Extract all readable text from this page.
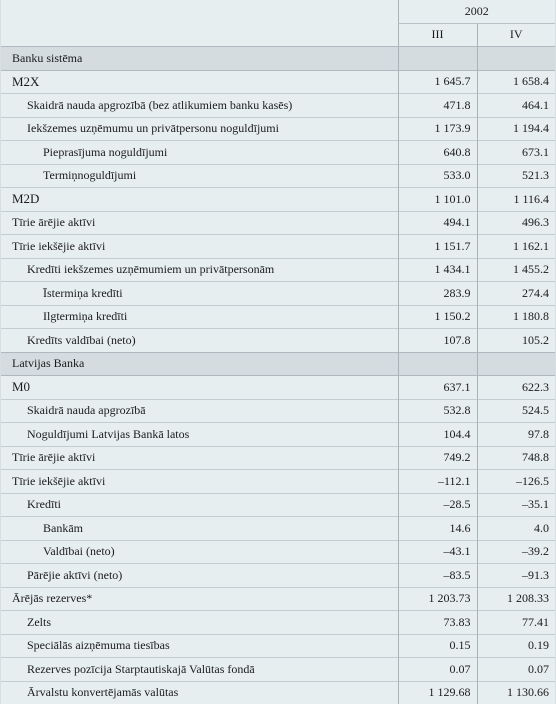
	2002	
	III	IV
Banku sistēma		
M2X	1 645.7	1 658.4
Skaidrā nauda apgrozībā (bez atlikumiem banku kasēs)	471.8	464.1
Iekšzemes uzņēmumu un privātpersonu noguldījumi	1 173.9	1 194.4
Pieprasījuma noguldījumi	640.8	673.1
Termiņnoguldījumi	533.0	521.3
M2D	1 101.0	1 116.4
Tīrie ārējie aktīvi	494.1	496.3
Tīrie iekšējie aktīvi	1 151.7	1 162.1
Kredīti iekšzemes uzņēmumiem un privātpersonām	1 434.1	1 455.2
Īstermiņa kredīti	283.9	274.4
Ilgtermiņa kredīti	1 150.2	1 180.8
Kredīts valdībai (neto)	107.8	105.2
Latvijas Banka		
M0	637.1	622.3
Skaidrā nauda apgrozībā	532.8	524.5
Noguldījumi Latvijas Bankā latos	104.4	97.8
Tīrie ārējie aktīvi	749.2	748.8
Tīrie iekšējie aktīvi	–112.1	–126.5
Kredīti	–28.5	–35.1
Bankām	14.6	4.0
Valdībai (neto)	–43.1	–39.2
Pārējie aktīvi (neto)	–83.5	–91.3
Ārējās rezerves*	1 203.73	1 208.33
Zelts	73.83	77.41
Speciālās aizņēmuma tiesības	0.15	0.19
Rezerves pozīcija Starptautiskajā Valūtas fondā	0.07	0.07
Ārvalstu konvertējamās valūtas	1 129.68	1 130.66
